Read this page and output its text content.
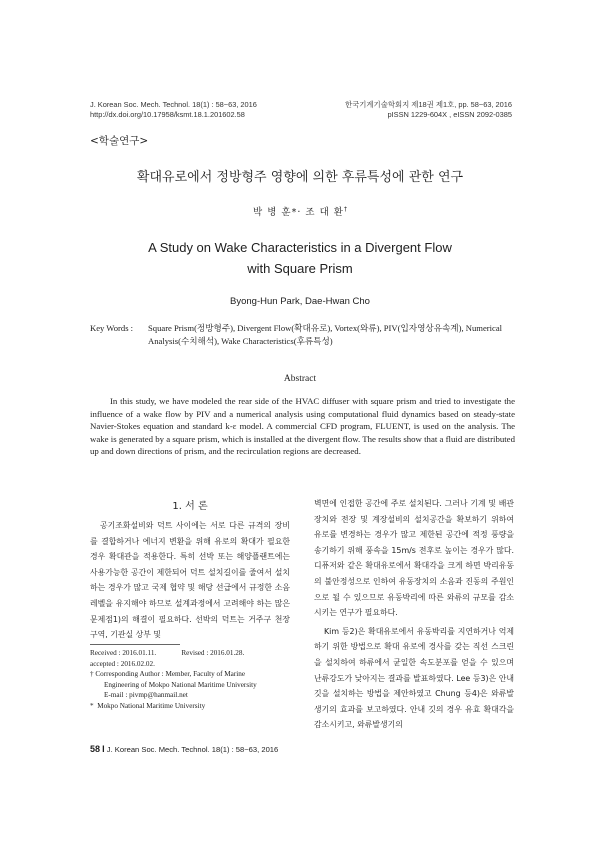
J. Korean Soc. Mech. Technol. 18(1) : 58~63, 2016
http://dx.doi.org/10.17958/ksmt.18.1.201602.58
한국기계기술학회지 제18권 제1호, pp. 58~63, 2016
pISSN 1229-604X , eISSN 2092-0385
<학술연구>
확대유로에서 정방형주 영향에 의한 후류특성에 관한 연구
박 병 훈*· 조 대 환†
A Study on Wake Characteristics in a Divergent Flow
with Square Prism
Byong-Hun Park, Dae-Hwan Cho
Key Words :	Square Prism(정방형주), Divergent Flow(확대유로), Vortex(와류), PIV(입자영상유속계), Numerical Analysis(수치해석), Wake Characteristics(후류특성)
Abstract
In this study, we have modeled the rear side of the HVAC diffuser with square prism and tried to investigate the influence of a wake flow by PIV and a numerical analysis using computational fluid dynamics based on steady-state Navier-Stokes equation and standard k-ε model. A commercial CFD program, FLUENT, is used on the analysis. The wake is generated by a square prism, which is installed at the divergent flow. The results show that a fluid are distributed up and down directions of prism, and the recirculation regions are decreased.
1. 서 론
공기조화설비와 덕트 사이에는 서로 다른 규격의 장비를 결합하거나 에너지 변환을 위해 유로의 확대가 필요한 경우 확대관을 적용한다. 특히 선박 또는 해양플랜트에는 사용가능한 공간이 제한되어 덕트 설치길이를 줄여서 설치하는 경우가 많고 국제 협약 및 해당 선급에서 규정한 소음레벨을 유지해야 하므로 설계과정에서 고려해야 하는 많은 문제점1)의 해결이 필요하다. 선박의 덕트는 거주구 천장구역, 기관실 상부 및

벽면에 인접한 공간에 주로 설치된다. 그러나 기계 및 배관장치와 전장 및 계장설비의 설치공간을 확보하기 위하여 유로를 변경하는 경우가 많고 제한된 공간에 적정 풍량을 송기하기 위해 풍속을 15m/s 전후로 높이는 경우가 많다. 디퓨저와 같은 확대유로에서 확대각을 크게 하면 박리유동의 불안정성으로 인하여 유동장치의 소음과 진동의 주원인으로 될 수 있으므로 유동박리에 따른 와류의 규모를 감소시키는 연구가 필요하다.

Kim 등2)은 확대유로에서 유동박리를 지연하거나 억제하기 위한 방법으로 확대 유로에 경사를 갖는 직선 스크린을 설치하여 하류에서 균일한 속도분포를 얻을 수 있으며 난류강도가 낮아지는 결과를 발표하였다. Lee 등3)은 안내 깃을 설치하는 방법을 제안하였고 Chung 등4)은 와류발생기의 효과를 보고하였다. 안내 깃의 경우 유효 확대각을 감소시키고, 와류발생기의

Received : 2016.01.11.	Revised : 2016.01.28.
accepted : 2016.02.02.
† Corresponding Author : Member, Faculty of Marine
Engineering of Mokpo National Maritime University
E-mail : pivmp@hanmail.net
*  Mokpo National Maritime University
58 I J. Korean Soc. Mech. Technol. 18(1) : 58~63, 2016
